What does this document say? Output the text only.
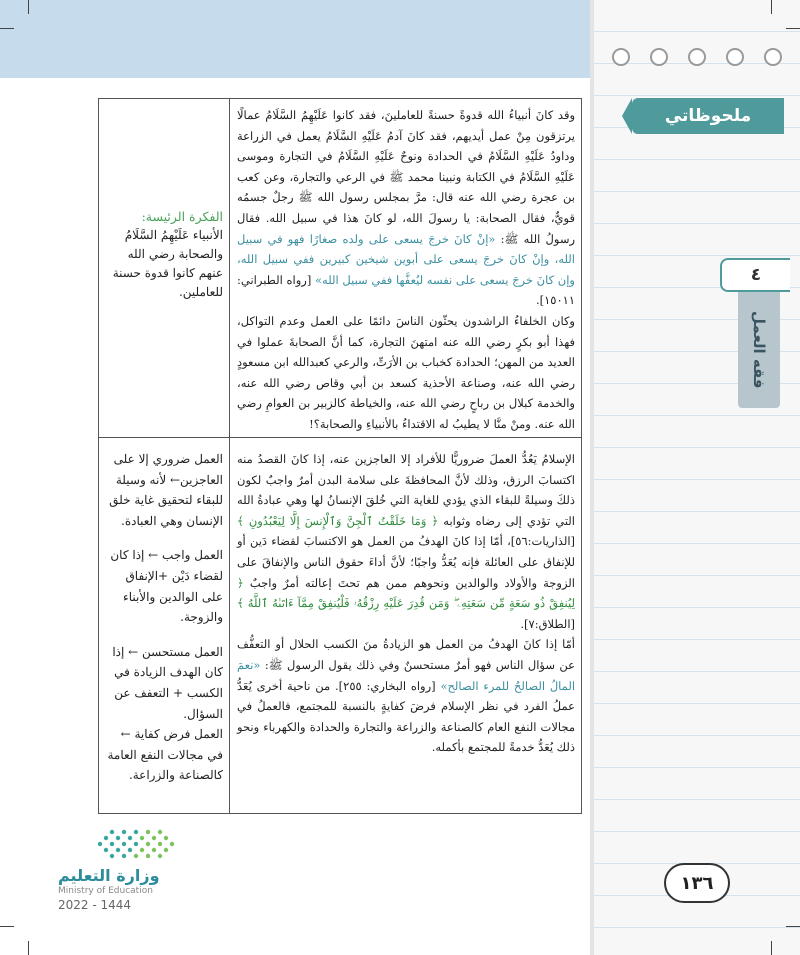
ملحوظاتي
٤
فقه العمل
وقد كانَ أنبياءُ الله قدوةً حسنةً للعاملينَ، فقد كانوا عَلَيْهِمُ السَّلَامُ عمالًا يرتزقون مِنْ عمل أيديهم، فقد كانَ آدمُ عَلَيْهِ السَّلَامُ يعمل في الزراعة وداودُ عَلَيْهِ السَّلَامُ في الحدادة ونوحٌ عَلَيْهِ السَّلَامُ في التجارة وموسى عَلَيْهِ السَّلَامُ في الكتابة ونبينا محمد ﷺ في الرعي والتجارة، وعن كعب بن عجرة رضي الله عنه قال: مرَّ بمجلس رسول الله ﷺ رجلٌ جسمُه قويٌّ، فقال الصحابة: يا رسولَ الله، لو كانَ هذا في سبيل الله. فقال رسولُ الله ﷺ: «إنْ كانَ خرجَ يسعى على ولده صغارًا فهو في سبيل الله، وإنْ كانَ خرجَ يسعى على أبوين شيخين كبيرين ففي سبيل الله، وإن كانَ خرجَ يسعى على نفسه ليُعفَّها ففي سبيل الله» [رواه الطبراني: ١٥٠١١].
وكان الخلفاءُ الراشدون يحثّون الناسَ دائمًا على العمل وعدم التواكل، فهذا أبو بكرٍ رضي الله عنه امتهنَ التجارة، كما أنَّ الصحابةَ عملوا في العديد من المهن؛ الحدادة كخباب بن الأرَتِّ، والرعي كعبدالله ابن مسعودٍ رضي الله عنه، وصناعة الأحذية كسعد بن أبي وقاص رضي الله عنه، والخدمة كبلال بن رباحٍ رضي الله عنه، والخياطة كالزبير بن العوامِ رضي الله عنه. ومنْ منَّا لا يطيبُ له الاقتداءُ بالأنبياءِ والصحابة؟!
الفكرة الرئيسة:
الأنبياء عَلَيْهِمُ السَّلَامُ والصحابة رضي الله عنهم كانوا قدوة حسنة للعاملين.
الإسلامُ يَعُدُّ العملَ ضروريًّا للأفراد إلا العاجزين عنه، إذا كانَ القصدُ منه اكتسابَ الرزق، وذلك لأنَّ المحافظةَ على سلامة البدن أمرٌ واجبٌ لكون ذلكَ وسيلةً للبقاء الذي يؤدي للغاية التي خُلقَ الإنسانُ لها وهي عبادةُ الله التي تؤدي إلى رضاه وثوابه ﴿ وَمَا خَلَقْتُ ٱلْجِنَّ وَٱلْإِنسَ إِلَّا لِيَعْبُدُونِ ﴾ [الذاريات:٥٦]، أمّا إذا كانَ الهدفُ من العمل هو الاكتسابَ لقضاء دَين أو للإنفاق على العائلة فإنه يُعَدُّ واجبًا؛ لأنَّ أداءَ حقوق الناس والإنفاقَ على الزوجة والأولاد والوالدين ونحوهم ممن هم تحتَ إعالته أمرٌ واجبٌ ﴿ لِيُنفِقْ ذُو سَعَةٍ مِّن سَعَتِهِۦ ۖ وَمَن قُدِرَ عَلَيْهِ رِزْقُهُۥ فَلْيُنفِقْ مِمَّآ ءَاتَىٰهُ ٱللَّهُ ﴾ [الطلاق:٧].
أمّا إذا كانَ الهدفُ من العمل هو الزيادةُ منَ الكسب الحلال أو التعفُّف عن سؤال الناس فهو أمرٌ مستحسنٌ وفي ذلك يقول الرسول ﷺ: «نعمَ المالُ الصالحُ للمرء الصالح» [رواه البخاري: ٢٥٥]. من ناحية أخرى يُعَدُّ عملُ الفرد في نظر الإسلام فرضَ كفايةٍ بالنسبة للمجتمع، فالعملُ في مجالات النفع العام كالصناعة والزراعة والتجارة والحدادة والكهرباء ونحو ذلك يُعَدُّ خدمةً للمجتمع بأكمله.
العمل ضروري إلا على العاجزين← لأنه وسيلة للبقاء لتحقيق غاية خلق الإنسان وهي العبادة.
العمل واجب ← إذا كان لقضاء دَيْن +الإنفاق على الوالدين والأبناء والزوجة.
العمل مستحسن ← إذا كان الهدف الزيادة في الكسب + التعفف عن السؤال.
العمل فرض كفاية ← في مجالات النفع العامة كالصناعة والزراعة.
وزارة التعليم
Ministry of Education
2022 - 1444
١٣٦
